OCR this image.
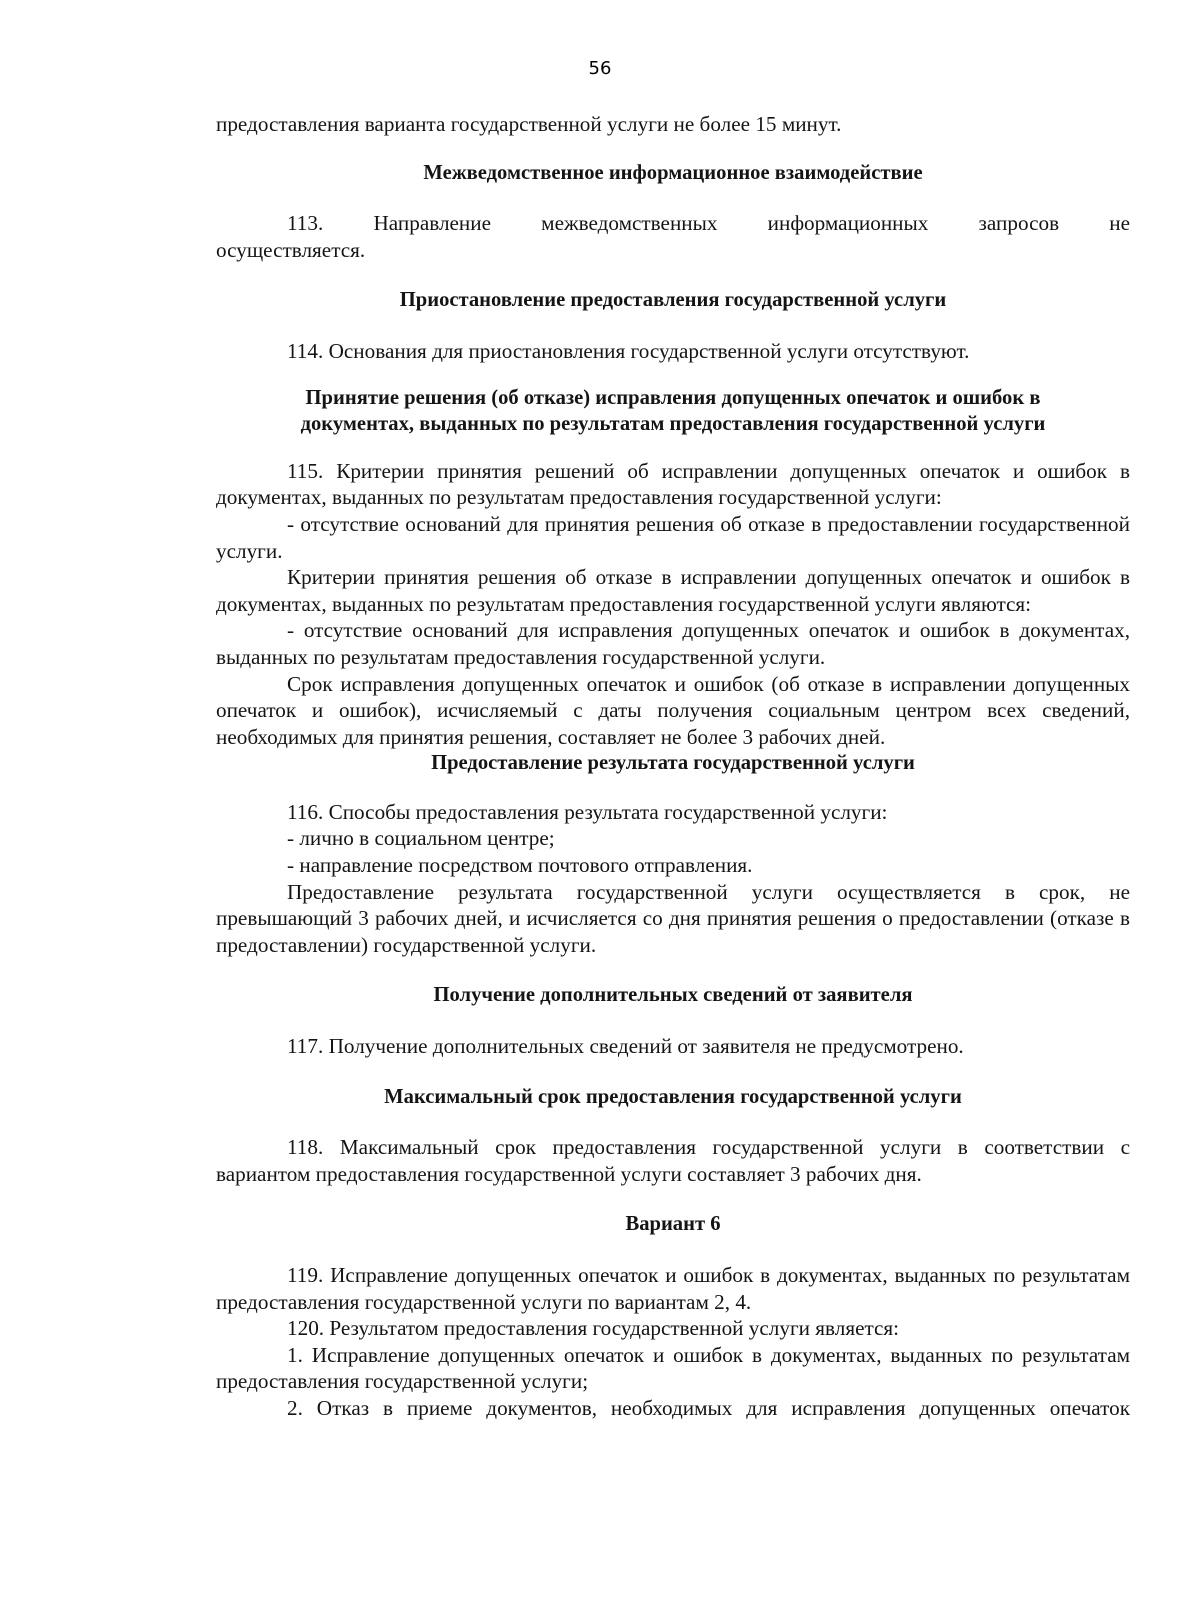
56

предоставления варианта государственной услуги не более 15 минут.

Межведомственное информационное взаимодействие

113. Направление межведомственных информационных запросов не
осуществляется.

Приостановление предоставления государственной услуги

114. Основания для приостановления государственной услуги отсутствуют.

Принятие решения (об отказе) исправления допущенных опечаток и ошибок в
документах, выданных по результатам предоставления государственной услуги

115. Критерии принятия решений об исправлении допущенных опечаток и ошибок в документах, выданных по результатам предоставления государственной услуги:

- отсутствие оснований для принятия решения об отказе в предоставлении государственной услуги.

Критерии принятия решения об отказе в исправлении допущенных опечаток и ошибок в документах, выданных по результатам предоставления государственной услуги являются:

- отсутствие оснований для исправления допущенных опечаток и ошибок в документах, выданных по результатам предоставления государственной услуги.

Срок исправления допущенных опечаток и ошибок (об отказе в исправлении допущенных опечаток и ошибок), исчисляемый с даты получения социальным центром всех сведений, необходимых для принятия решения, составляет не более 3 рабочих дней.

Предоставление результата государственной услуги

116. Способы предоставления результата государственной услуги:

- лично в социальном центре;

- направление посредством почтового отправления.

Предоставление результата государственной услуги осуществляется в срок, не превышающий 3 рабочих дней, и исчисляется со дня принятия решения о предоставлении (отказе в предоставлении) государственной услуги.

Получение дополнительных сведений от заявителя

117. Получение дополнительных сведений от заявителя не предусмотрено.

Максимальный срок предоставления государственной услуги

118. Максимальный срок предоставления государственной услуги в соответствии с вариантом предоставления государственной услуги составляет 3 рабочих дня.

Вариант 6

119. Исправление допущенных опечаток и ошибок в документах, выданных по результатам предоставления государственной услуги по вариантам 2, 4.

120. Результатом предоставления государственной услуги является:

1. Исправление допущенных опечаток и ошибок в документах, выданных по результатам предоставления государственной услуги;

2. Отказ в приеме документов, необходимых для исправления допущенных опечаток
